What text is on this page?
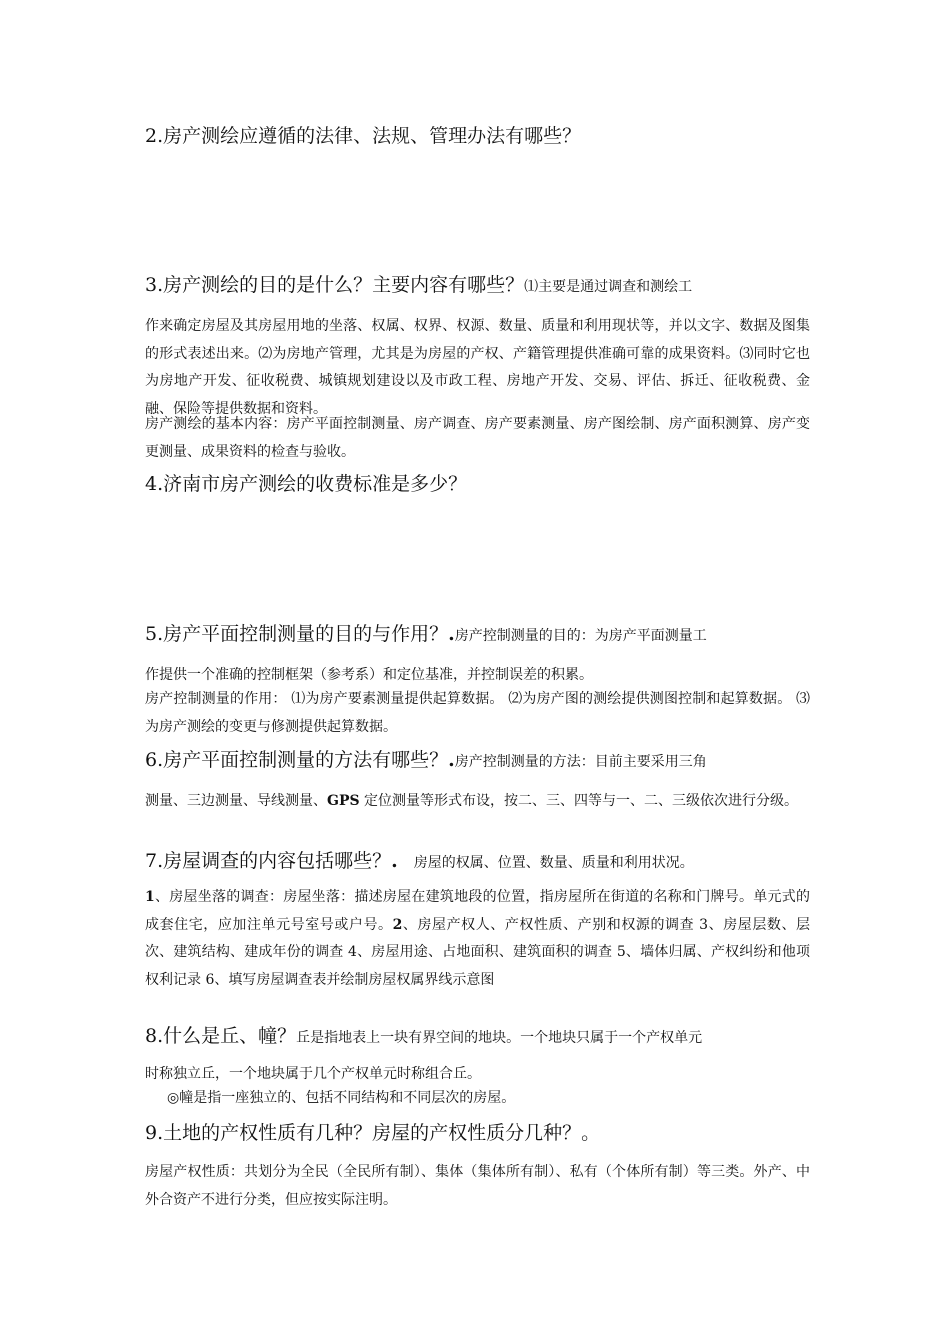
2.房产测绘应遵循的法律、法规、管理办法有哪些？
3.房产测绘的目的是什么？主要内容有哪些？⑴主要是通过调查和测绘工
作来确定房屋及其房屋用地的坐落、权属、权界、权源、数量、质量和利用现状等，并以文字、数据及图集的形式表述出来。⑵为房地产管理，尤其是为房屋的产权、产籍管理提供准确可靠的成果资料。⑶同时它也为房地产开发、征收税费、城镇规划建设以及市政工程、房地产开发、交易、评估、拆迁、征收税费、金融、保险等提供数据和资料。
房产测绘的基本内容：房产平面控制测量、房产调查、房产要素测量、房产图绘制、房产面积测算、房产变更测量、成果资料的检查与验收。
4.济南市房产测绘的收费标准是多少？
5.房产平面控制测量的目的与作用？.房产控制测量的目的：为房产平面测量工
作提供一个准确的控制框架（参考系）和定位基准，并控制误差的积累。
房产控制测量的作用： ⑴为房产要素测量提供起算数据。 ⑵为房产图的测绘提供测图控制和起算数据。 ⑶为房产测绘的变更与修测提供起算数据。
6.房产平面控制测量的方法有哪些？.房产控制测量的方法：目前主要采用三角
测量、三边测量、导线测量、GPS 定位测量等形式布设，按二、三、四等与一、二、三级依次进行分级。
7.房屋调查的内容包括哪些？. 房屋的权属、位置、数量、质量和利用状况。
1、房屋坐落的调查：房屋坐落：描述房屋在建筑地段的位置，指房屋所在街道的名称和门牌号。单元式的成套住宅，应加注单元号室号或户号。2、房屋产权人、产权性质、产别和权源的调查 3、房屋层数、层次、建筑结构、建成年份的调查 4、房屋用途、占地面积、建筑面积的调查 5、墙体归属、产权纠纷和他项权利记录 6、填写房屋调查表并绘制房屋权属界线示意图
8.什么是丘、幢？丘是指地表上一块有界空间的地块。一个地块只属于一个产权单元
时称独立丘，一个地块属于几个产权单元时称组合丘。
◎幢是指一座独立的、包括不同结构和不同层次的房屋。
9.土地的产权性质有几种？房屋的产权性质分几种？。
房屋产权性质：共划分为全民（全民所有制）、集体（集体所有制）、私有（个体所有制）等三类。外产、中外合资产不进行分类，但应按实际注明。
